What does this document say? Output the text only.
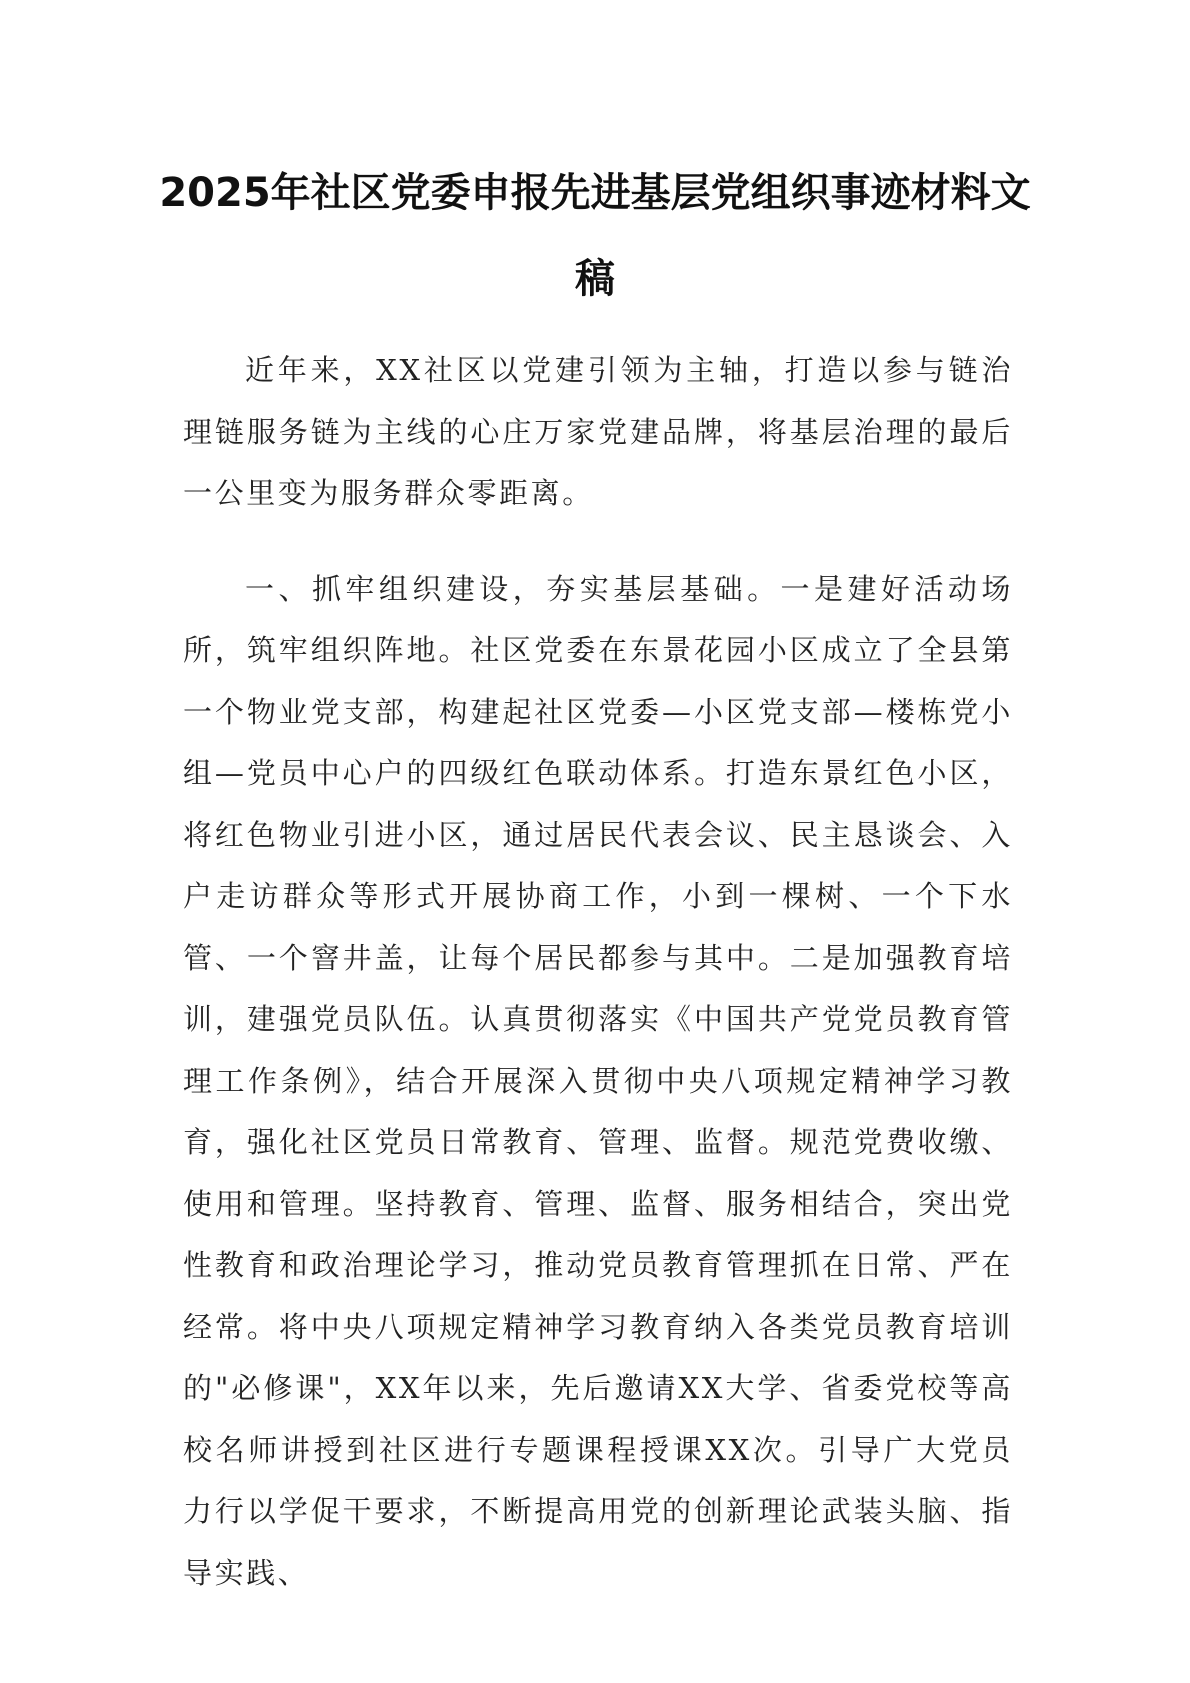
2025年社区党委申报先进基层党组织事迹材料文稿

近年来，XX社区以党建引领为主轴，打造以参与链治理链服务链为主线的心庄万家党建品牌，将基层治理的最后一公里变为服务群众零距离。

一、抓牢组织建设，夯实基层基础。一是建好活动场所，筑牢组织阵地。社区党委在东景花园小区成立了全县第一个物业党支部，构建起社区党委—小区党支部—楼栋党小组—党员中心户的四级红色联动体系。打造东景红色小区，将红色物业引进小区，通过居民代表会议、民主恳谈会、入户走访群众等形式开展协商工作，小到一棵树、一个下水管、一个窨井盖，让每个居民都参与其中。二是加强教育培训，建强党员队伍。认真贯彻落实《中国共产党党员教育管理工作条例》，结合开展深入贯彻中央八项规定精神学习教育，强化社区党员日常教育、管理、监督。规范党费收缴、使用和管理。坚持教育、管理、监督、服务相结合，突出党性教育和政治理论学习，推动党员教育管理抓在日常、严在经常。将中央八项规定精神学习教育纳入各类党员教育培训的"必修课"，XX年以来，先后邀请XX大学、省委党校等高校名师讲授到社区进行专题课程授课XX次。引导广大党员力行以学促干要求，不断提高用党的创新理论武装头脑、指导实践、
